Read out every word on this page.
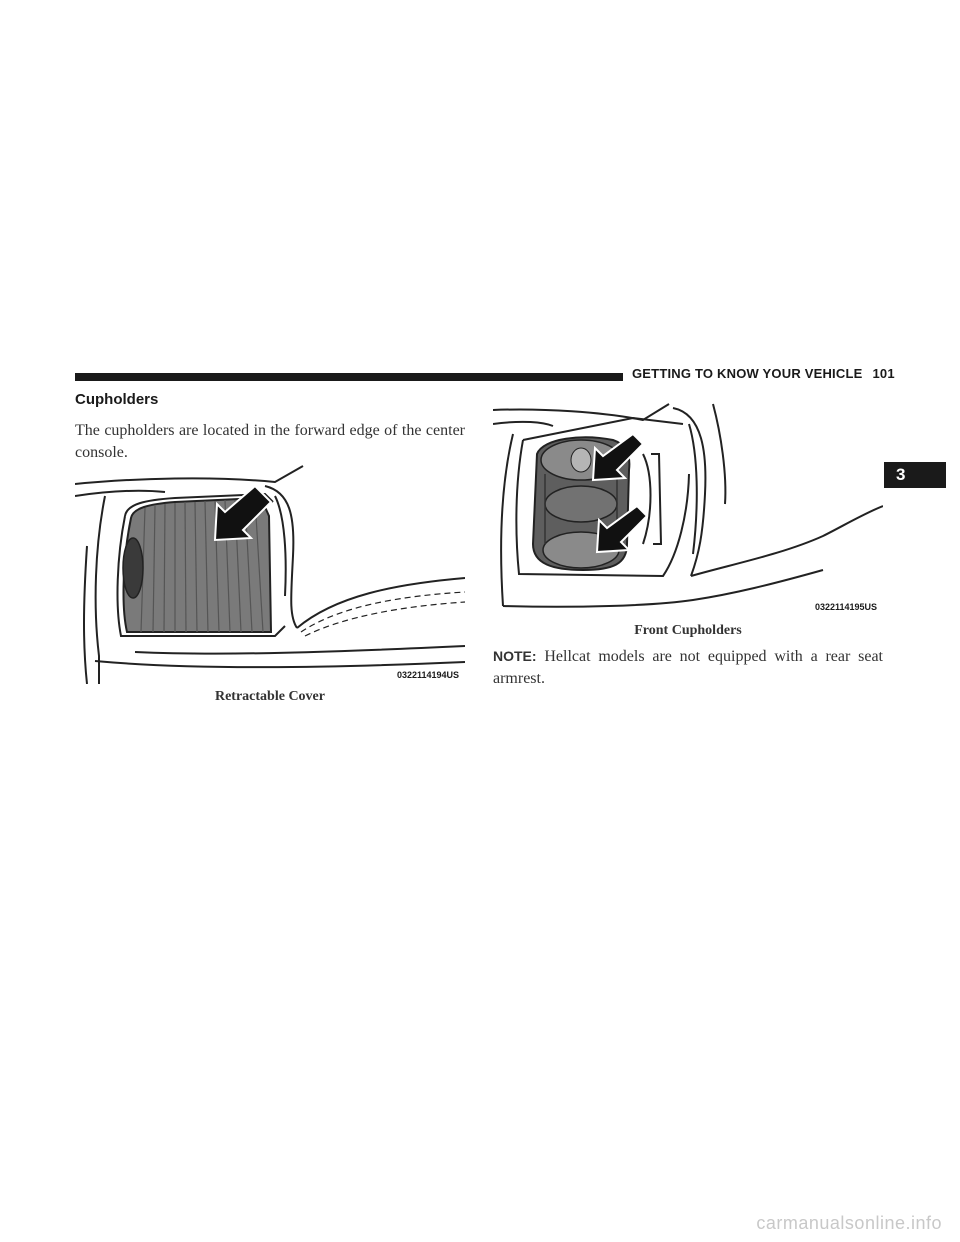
GETTING TO KNOW YOUR VEHICLE 101
3
Cupholders

The cupholders are located in the forward edge of the center console.

0322114194US
Retractable Cover
0322114195US
Front Cupholders

NOTE: Hellcat models are not equipped with a rear seat armrest.

carmanualsonline.info
